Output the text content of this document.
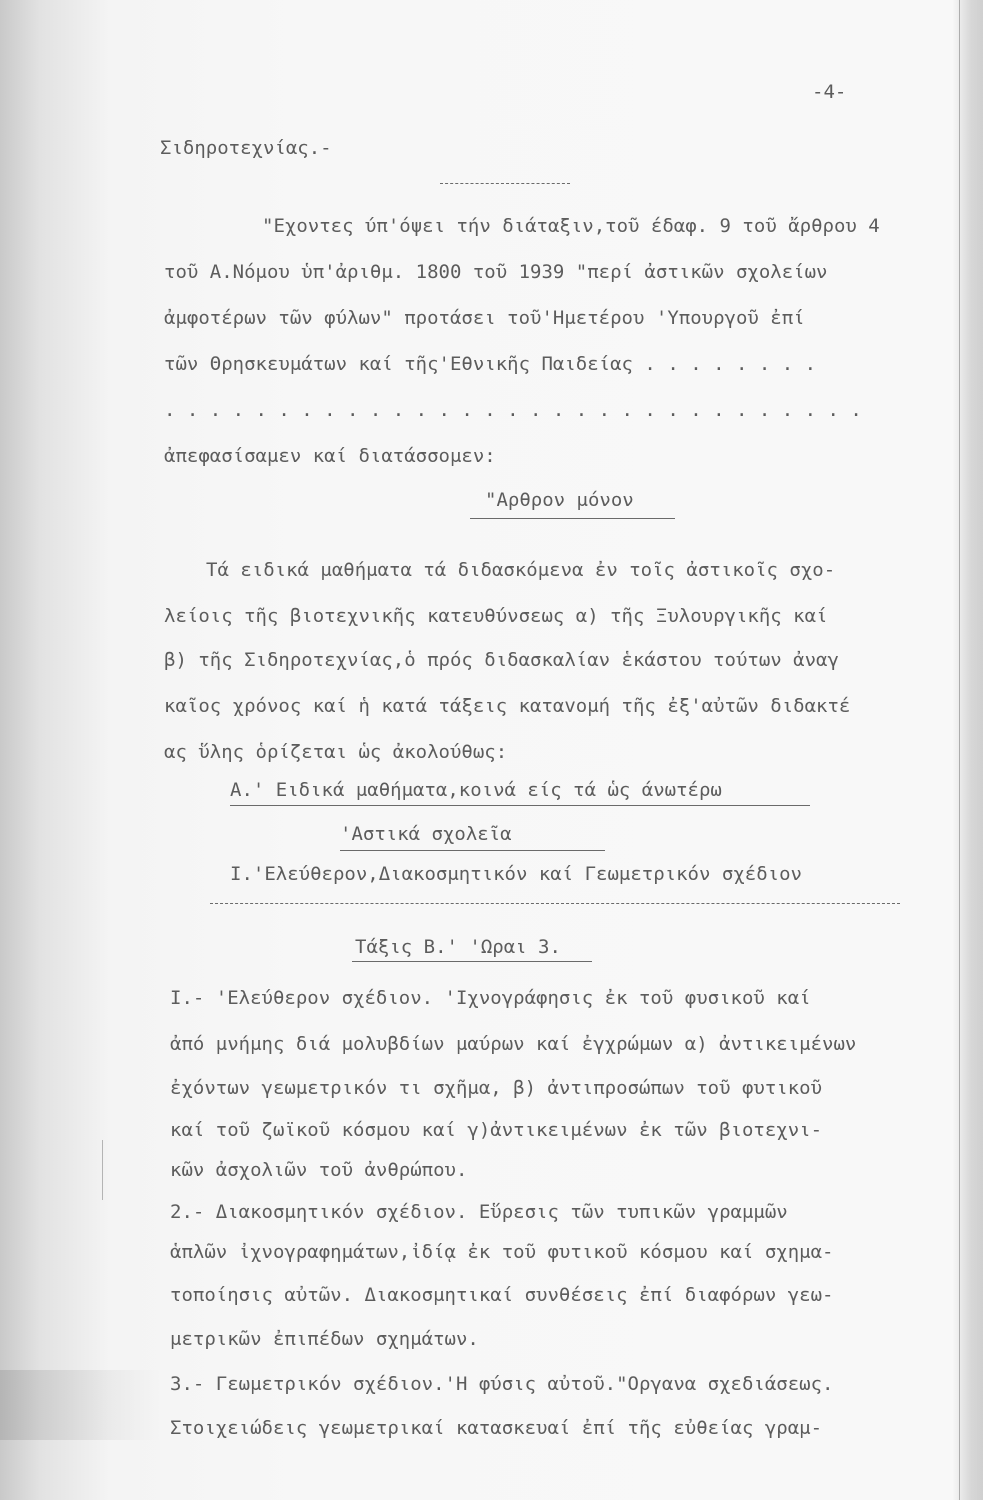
-4-
Σιδηροτεχνίας.-
"Εχοντες ύπ'όψει τήν διάταξιν,τοῦ έδαφ. 9 τοῦ ἄρθρου 4
τοῦ Α.Νόμου ὑπ'ἀριθμ. 1800 τοῦ 1939 "περί ἀστικῶν σχολείων
ἀμφοτέρων τῶν φύλων" προτάσει τοῦ'Ημετέρου 'Υπουργοῦ ἐπί
τῶν Θρησκευμάτων καί τῆς'Εθνικῆς Παιδείας . . . . . . . .
. . . . . . . . . . . . . . . . . . . . . . . . . . . . . . .
ἀπεφασίσαμεν καί διατάσσομεν:
"Αρθρον μόνον
Τά ειδικά μαθήματα τά διδασκόμενα ἐν τοῖς ἀστικοῖς σχο-
λείοις τῆς βιοτεχνικῆς κατευθύνσεως α) τῆς Ξυλουργικῆς καί
β) τῆς Σιδηροτεχνίας,ὁ πρός διδασκαλίαν ἑκάστου τούτων ἀναγ
καῖος χρόνος καί ἡ κατά τάξεις καταvομή τῆς ἐξ'αὐτῶν διδακτέ
ας ὕλης ὁρίζεται ὡς ἀκολούθως:
Α.' Ειδικά μαθήματα,κοινά είς τά ὡς άνωτέρω
'Αστικά σχολεῖα
Ι.'Ελεύθερον,Διακοσμητικόν καί Γεωμετρικόν σχέδιον
Τάξις Β.' 'Ωραι 3.
Ι.- 'Ελεύθερον σχέδιον. 'Ιχνογράφησις ἐκ τοῦ φυσικοῦ καί
ἀπό μνήμης διά μολυβδίων μαύρων καί ἐγχρώμων α) ἀντικειμένων
ἐχόντων γεωμετρικόν τι σχῆμα, β) ἀντιπροσώπων τοῦ φυτικοῦ
καί τοῦ ζωϊκοῦ κόσμου καί γ)ἀντικειμένων ἐκ τῶν βιοτεχνι-
κῶν ἀσχολιῶν τοῦ ἀνθρώπου.
2.- Διακοσμητικόν σχέδιον. Εὕρεσις τῶν τυπικῶν γραμμῶν
ἁπλῶν ἰχνογραφημάτων,ἰδίᾳ ἐκ τοῦ φυτικοῦ κόσμου καί σχημα-
τοποίησις αὐτῶν. Διακοσμητικαί συνθέσεις ἐπί διαφόρων γεω-
μετρικῶν ἐπιπέδων σχημάτων.
3.- Γεωμετρικόν σχέδιον.'Η φύσις αὐτοῦ."Οργανα σχεδιάσεως.
Στοιχειώδεις γεωμετρικαί κατασκευαί ἐπί τῆς εὐθείας γραμ-
